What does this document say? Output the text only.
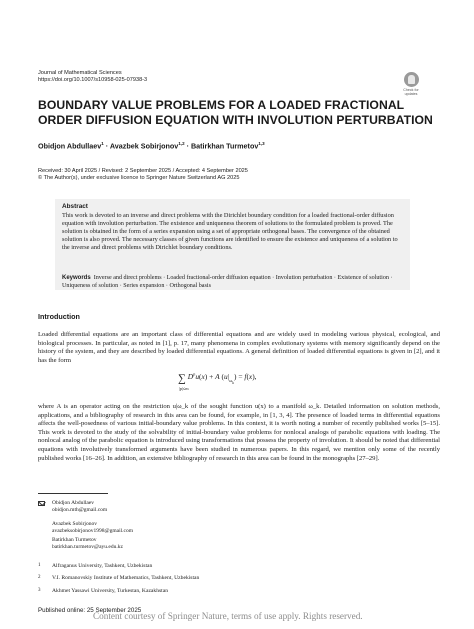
Journal of Mathematical Sciences
https://doi.org/10.1007/s10958-025-07938-3
Check for updates
BOUNDARY VALUE PROBLEMS FOR A LOADED FRACTIONAL ORDER DIFFUSION EQUATION WITH INVOLUTION PERTURBATION
Obidjon Abdullaev$^1$ · Avazbek Sobirjonov$^{1,2}$ · Batirkhan Turmetov$^{1,3}$
Received: 30 April 2025 / Revised: 2 September 2025 / Accepted: 4 September 2025
© The Author(s), under exclusive licence to Springer Nature Switzerland AG 2025
Abstract
This work is devoted to an inverse and direct problems with the Dirichlet boundary condition for a loaded fractional-order diffusion equation with involution perturbation. The existence and uniqueness theorem of solutions to the formulated problem is proved. The solution is obtained in the form of a series expansion using a set of appropriate orthogonal bases. The convergence of the obtained solution is also proved. The necessary classes of given functions are identified to ensure the existence and uniqueness of a solution to the inverse and direct problems with Dirichlet boundary conditions.
Keywords Inverse and direct problems · Loaded fractional-order diffusion equation · Involution perturbation · Existence of solution · Uniqueness of solution · Series expansion · Orthogonal basis
Introduction
Loaded differential equations are an important class of differential equations and are widely used in modeling various physical, ecological, and biological processes. In particular, as noted in [1], p. 17, many phenomena in complex evolutionary systems with memory significantly depend on the history of the system, and they are described by loaded differential equations. A general definition of loaded differential equations is given in [2], and it has the form
∑ $D^pu(x) + A$ $(u|_{\omega_k}) = f(x)$,
|p|≤m
where A is an operator acting on the restriction u|ω_k of the sought function u(x) to a manifold ω_k. Detailed information on solution methods, applications, and a bibliography of research in this area can be found, for example, in [1, 3, 4]. The presence of loaded terms in differential equations affects the well-posedness of various initial-boundary value problems. In this context, it is worth noting a number of recently published works [5–15]. This work is devoted to the study of the solvability of initial-boundary value problems for nonlocal analogs of parabolic equations with loading. The nonlocal analog of the parabolic equation is introduced using transformations that possess the property of involution. It should be noted that differential equations with involutively transformed arguments have been studied in numerous papers. In this regard, we mention only some of the recently published works [16–26]. In addition, an extensive bibliography of research in this area can be found in the monographs [27–29].
Obidjon Abdullaev
obidjon.mth@gmail.com
Avazbek Sobirjonov
avazbeksobirjonov1998@gmail.com
Batirkhan Turmetov
batirkhan.turmetov@ayu.edu.kz
1 Alfraganus University, Tashkent, Uzbekistan
2 V.I. Romanovskiy Institute of Mathematics, Tashkent, Uzbekistan
3 Akhmet Yassawi University, Turkestan, Kazakhstan
Published online: 25 September 2025
Content courtesy of Springer Nature, terms of use apply. Rights reserved.
